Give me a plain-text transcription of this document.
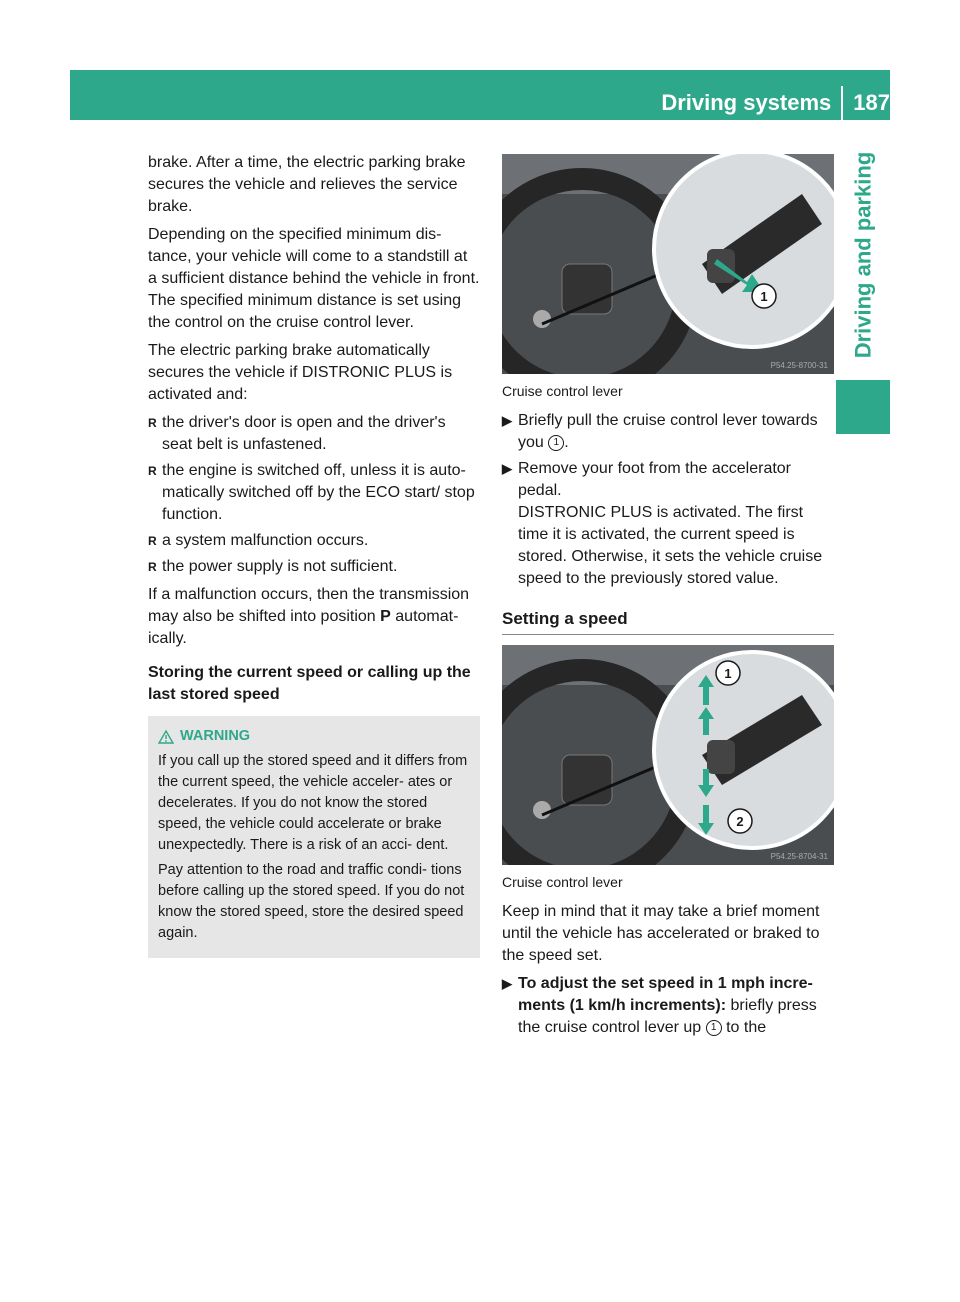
Driving systems 187
Driving and parking

brake. After a time, the electric parking brake secures the vehicle and relieves the service brake.

Depending on the specified minimum dis- tance, your vehicle will come to a standstill at a sufficient distance behind the vehicle in front. The specified minimum distance is set using the control on the cruise control lever.

The electric parking brake automatically secures the vehicle if DISTRONIC PLUS is activated and:

R the driver's door is open and the driver's seat belt is unfastened.
R the engine is switched off, unless it is auto- matically switched off by the ECO start/ stop function.
R a system malfunction occurs.
R the power supply is not sufficient.

If a malfunction occurs, then the transmission may also be shifted into position P automat- ically.

Storing the current speed or calling up the last stored speed

WARNING

If you call up the stored speed and it differs from the current speed, the vehicle acceler- ates or decelerates. If you do not know the stored speed, the vehicle could accelerate or brake unexpectedly. There is a risk of an acci- dent.

Pay attention to the road and traffic condi- tions before calling up the stored speed. If you do not know the stored speed, store the desired speed again.

1
P54.25-8700-31
Cruise control lever
▶ Briefly pull the cruise control lever towards you 1 .
▶ Remove your foot from the accelerator pedal.
DISTRONIC PLUS is activated. The first time it is activated, the current speed is stored. Otherwise, it sets the vehicle cruise speed to the previously stored value.
Setting a speed
1
2
P54.25-8704-31
Cruise control lever

Keep in mind that it may take a brief moment until the vehicle has accelerated or braked to the speed set.

▶ To adjust the set speed in 1 mph incre- ments (1 km/h increments): briefly press the cruise control lever up 1 to the
